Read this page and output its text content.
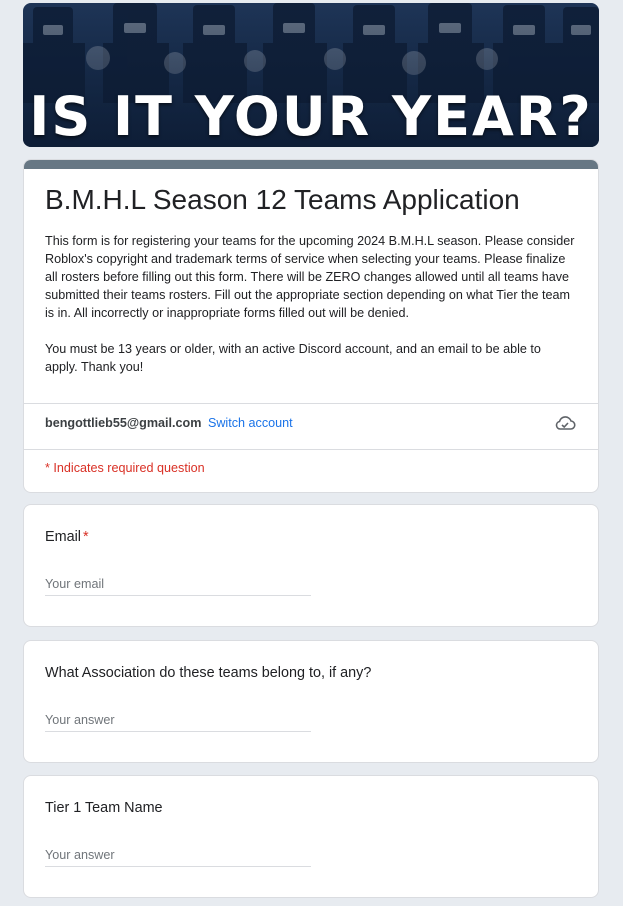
IS IT YOUR YEAR?
B.M.H.L Season 12 Teams Application
This form is for registering your teams for the upcoming 2024 B.M.H.L season. Please consider Roblox's copyright and trademark terms of service when selecting your teams. Please finalize all rosters before filling out this form. There will be ZERO changes allowed until all teams have submitted their teams rosters. Fill out the appropriate section depending on what Tier the team is in. All incorrectly or inappropriate forms filled out will be denied.

You must be 13 years or older, with an active Discord account, and an email to be able to apply. Thank you!
bengottlieb55@gmail.com Switch account
* Indicates required question
Email *
Your email
What Association do these teams belong to, if any?
Your answer
Tier 1 Team Name
Your answer
